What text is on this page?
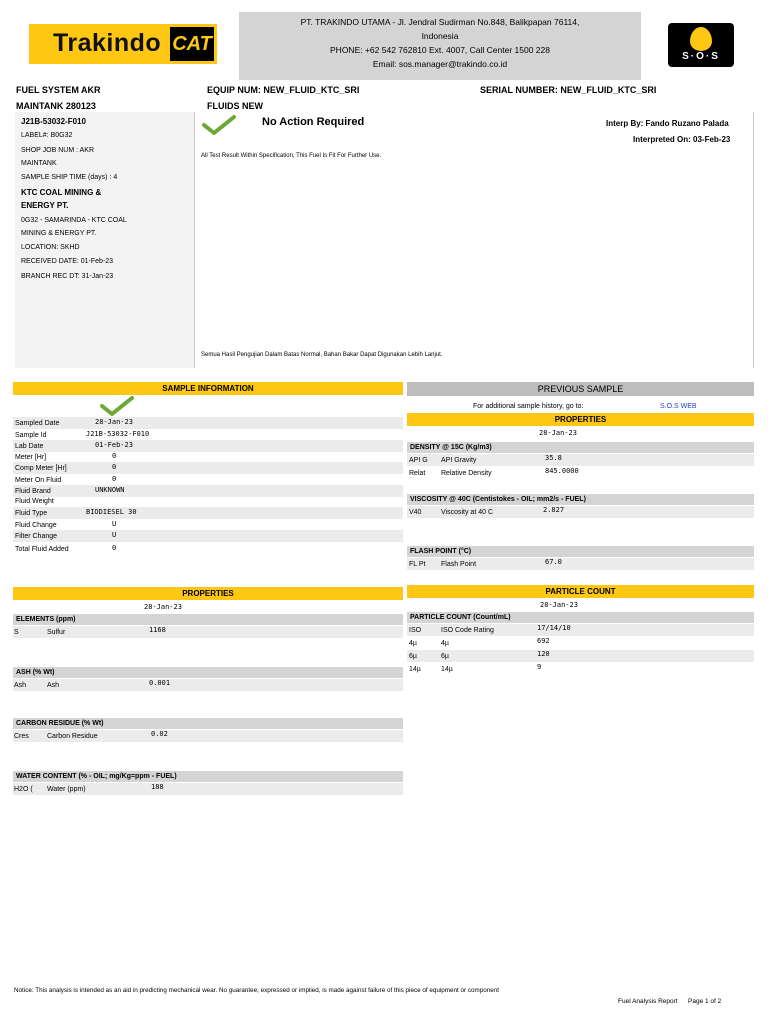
Trakindo CAT
PT. TRAKINDO UTAMA - Jl. Jendral Sudirman No.848, Balikpapan 76114,
Indonesia
PHONE: +62 542 762810 Ext. 4007, Call Center 1500 228
Email: sos.manager@trakindo.co.id
S·O·S
FUEL SYSTEM AKR
MAINTANK 280123
EQUIP NUM: NEW_FLUID_KTC_SRI
FLUIDS NEW
SERIAL NUMBER: NEW_FLUID_KTC_SRI
J21B-53032-F010
LABEL#: B0G32
SHOP JOB NUM : AKR
MAINTANK
SAMPLE SHIP TIME (days) : 4
KTC COAL MINING &
ENERGY PT.
0G32 - SAMARINDA - KTC COAL
MINING & ENERGY PT.
LOCATION: SKHD
RECEIVED DATE: 01-Feb-23
BRANCH REC DT: 31-Jan-23
No Action Required	Interp By: Fando Ruzano Palada
Interpreted On: 03-Feb-23
All Test Result Within Specification, This Fuel Is Fit For Further Use.
Semua Hasil Pengujian Dalam Batas Normal, Bahan Bakar Dapat Digunakan Lebih Lanjut.
SAMPLE INFORMATION	PREVIOUS SAMPLE
For additional sample history, go to:	S.O.S WEB
PROPERTIES
28-Jan-23
DENSITY @ 15C (Kg/m3)
VISCOSITY @ 40C (Centistokes - OIL; mm2/s - FUEL)
FLASH POINT (°C)
PROPERTIES
28-Jan-23
ELEMENTS (ppm)
ASH (% Wt)
CARBON RESIDUE (% Wt)
WATER CONTENT (% - OIL; mg/Kg=ppm - FUEL)
PARTICLE COUNT
28-Jan-23
PARTICLE COUNT (Count/mL)
Notice: This analysis is intended as an aid in predicting mechanical wear. No guarantee, expressed or implied, is made against failure of this piece of equipment or component
Fuel Analysis Report Page 1 of 2
Sampled Date	28-Jan-23
Sample Id	J21B-53032-F010
Lab Date	01-Feb-23
Meter [Hr]	0
Comp Meter [Hr]	0
Meter On Fluid	0
Fluid Brand	UNKNOWN
Fluid Weight
Fluid Type	BIODIESEL 30
Fluid Change	U
Filter Change	U
Total Fluid Added	0
API G API Gravity	35.8
Relat Relative Density	845.0000
V40	Viscosity at 40 C	2.827
FL Pt Flash Point	67.0
S	Sulfur	1168
Ash	Ash	0.001
Cres	Carbon Residue	0.02
H2O ( Water (ppm)	188
ISO	ISO Code Rating	17/14/10
4µ	4µ	692
6µ	6µ	120
14µ	14µ	9
